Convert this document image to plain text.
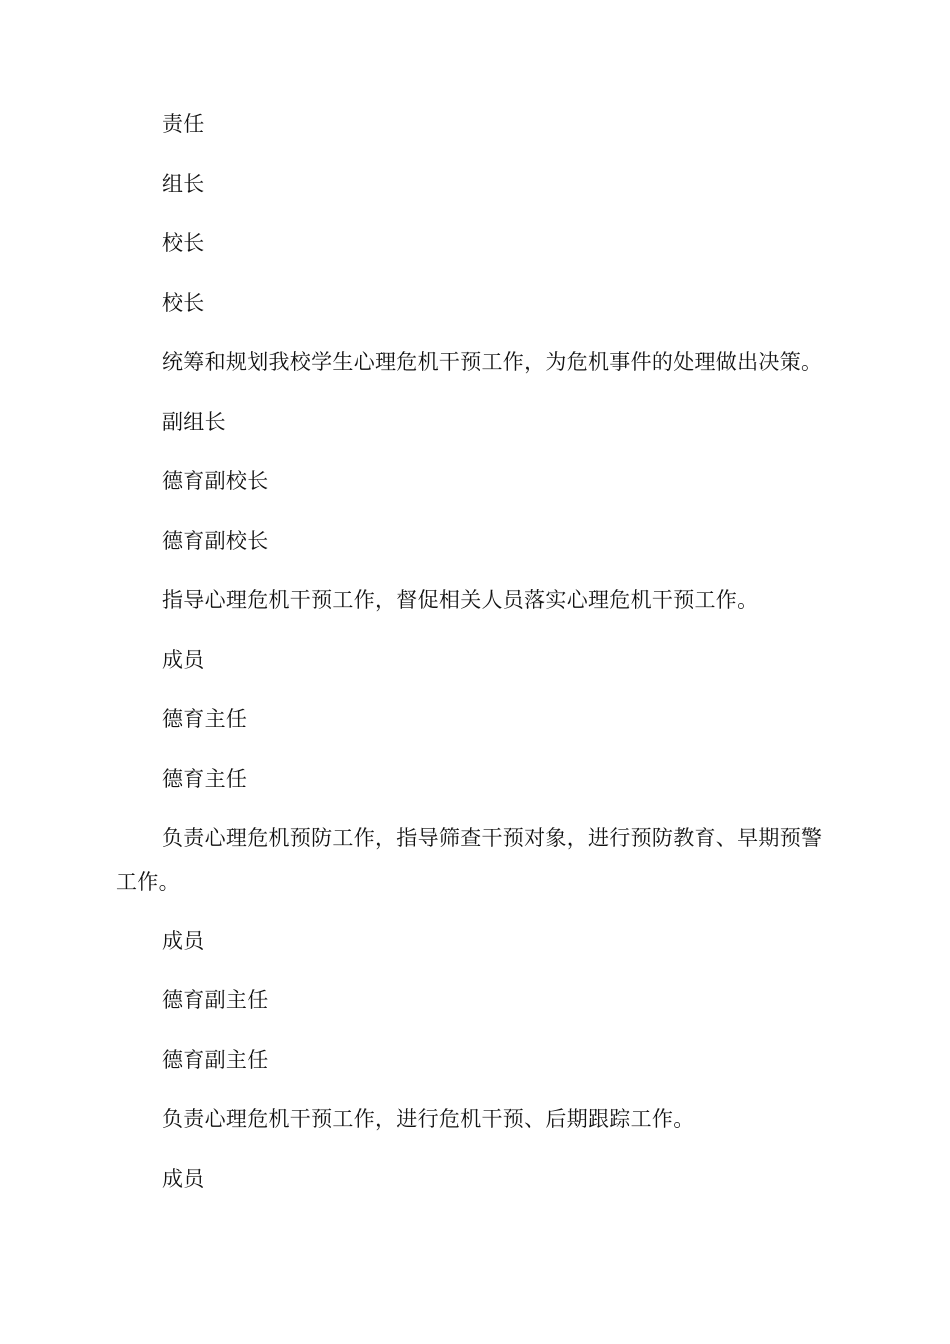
责任

组长

校长

校长

统筹和规划我校学生心理危机干预工作，为危机事件的处理做出决策。

副组长

德育副校长

德育副校长

指导心理危机干预工作，督促相关人员落实心理危机干预工作。

成员

德育主任

德育主任

负责心理危机预防工作，指导筛查干预对象，进行预防教育、早期预警工作。

成员

德育副主任

德育副主任

负责心理危机干预工作，进行危机干预、后期跟踪工作。

成员
